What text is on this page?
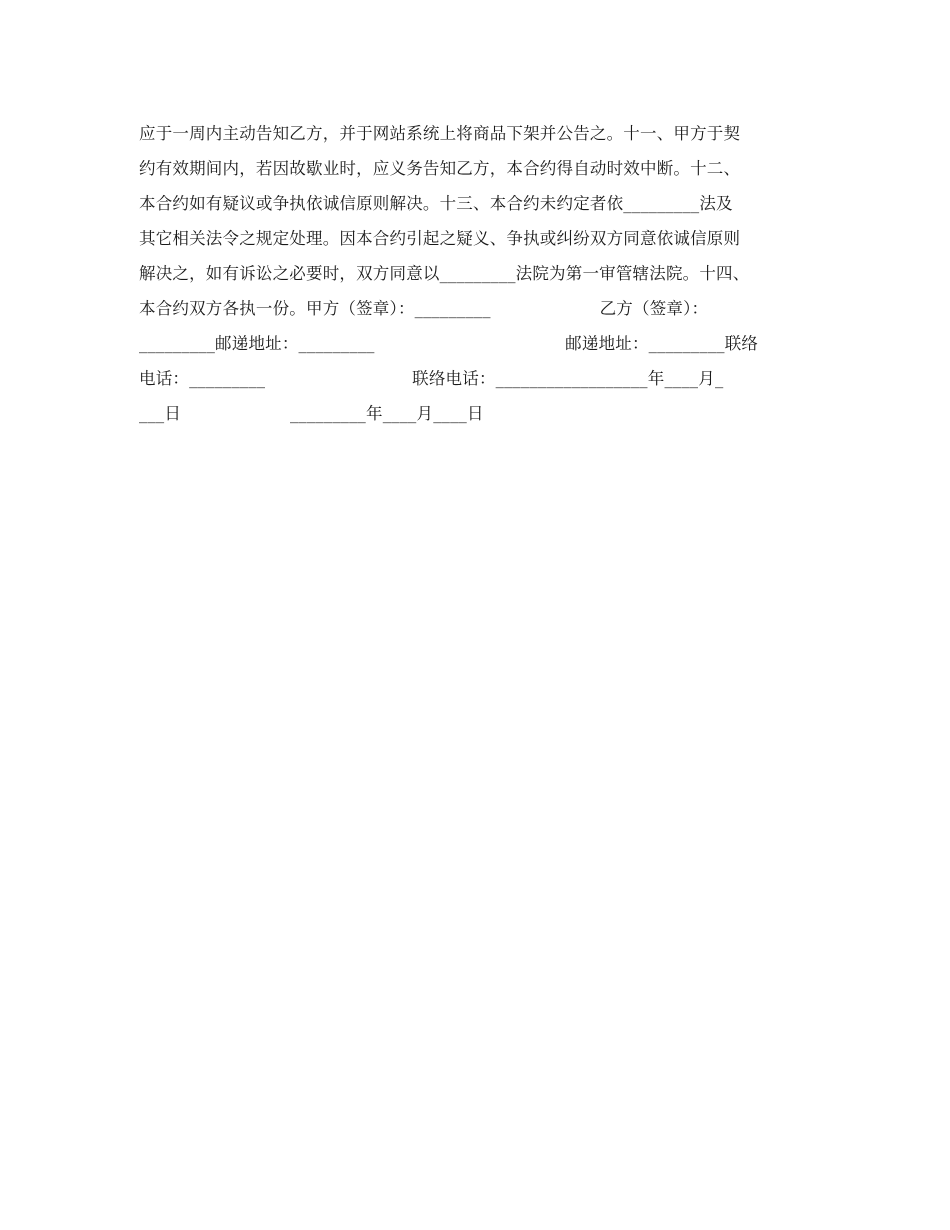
应于一周内主动告知乙方，并于网站系统上将商品下架并公告之。十一、甲方于契
约有效期间内，若因故歇业时，应义务告知乙方，本合约得自动时效中断。十二、
本合约如有疑议或争执依诚信原则解决。十三、本合约未约定者依_________法及
其它相关法令之规定处理。因本合约引起之疑义、争执或纠纷双方同意依诚信原则
解决之，如有诉讼之必要时，双方同意以_________法院为第一审管辖法院。十四、
本合约双方各执一份。甲方（签章）：_________                    乙方（签章）：
_________邮递地址：_________                                   邮递地址：_________联络
电话：_________                           联络电话：__________________年____月_
___日                    _________年____月____日
